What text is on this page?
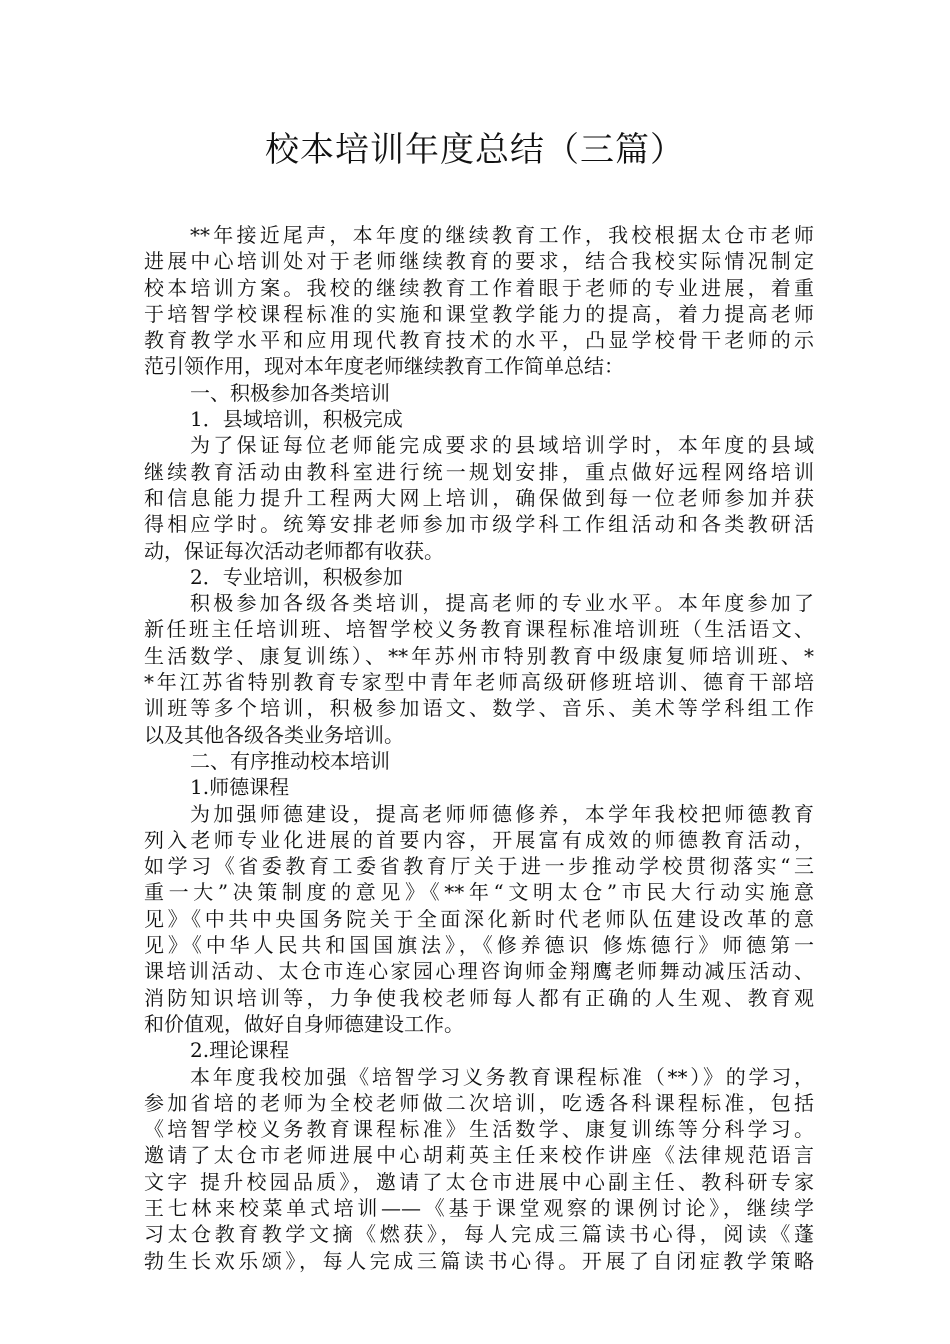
校本培训年度总结（三篇）
**年接近尾声，本年度的继续教育工作，我校根据太仓市老师
进展中心培训处对于老师继续教育的要求，结合我校实际情况制定
校本培训方案。我校的继续教育工作着眼于老师的专业进展，着重
于培智学校课程标准的实施和课堂教学能力的提高，着力提高老师
教育教学水平和应用现代教育技术的水平，凸显学校骨干老师的示
范引领作用，现对本年度老师继续教育工作简单总结：
一、积极参加各类培训
1．县域培训，积极完成
为了保证每位老师能完成要求的县域培训学时，本年度的县域
继续教育活动由教科室进行统一规划安排，重点做好远程网络培训
和信息能力提升工程两大网上培训，确保做到每一位老师参加并获
得相应学时。统筹安排老师参加市级学科工作组活动和各类教研活
动，保证每次活动老师都有收获。
2．专业培训，积极参加
积极参加各级各类培训，提高老师的专业水平。本年度参加了
新任班主任培训班、培智学校义务教育课程标准培训班（生活语文、
生活数学、康复训练）、**年苏州市特别教育中级康复师培训班、*
*年江苏省特别教育专家型中青年老师高级研修班培训、德育干部培
训班等多个培训，积极参加语文、数学、音乐、美术等学科组工作
以及其他各级各类业务培训。
二、有序推动校本培训
1.师德课程
为加强师德建设，提高老师师德修养，本学年我校把师德教育
列入老师专业化进展的首要内容，开展富有成效的师德教育活动，
如学习《省委教育工委省教育厅关于进一步推动学校贯彻落实“三
重一大”决策制度的意见》《**年“文明太仓”市民大行动实施意
见》《中共中央国务院关于全面深化新时代老师队伍建设改革的意
见》《中华人民共和国国旗法》，《修养德识 修炼德行》师德第一
课培训活动、太仓市连心家园心理咨询师金翔鹰老师舞动减压活动、
消防知识培训等，力争使我校老师每人都有正确的人生观、教育观
和价值观，做好自身师德建设工作。
2.理论课程
本年度我校加强《培智学习义务教育课程标准（**）》的学习，
参加省培的老师为全校老师做二次培训，吃透各科课程标准，包括
《培智学校义务教育课程标准》生活数学、康复训练等分科学习。
邀请了太仓市老师进展中心胡莉英主任来校作讲座《法律规范语言
文字 提升校园品质》，邀请了太仓市进展中心副主任、教科研专家
王七林来校菜单式培训——《基于课堂观察的课例讨论》，继续学
习太仓教育教学文摘《燃获》，每人完成三篇读书心得，阅读《蓬
勃生长欢乐颂》，每人完成三篇读书心得。开展了自闭症教学策略
